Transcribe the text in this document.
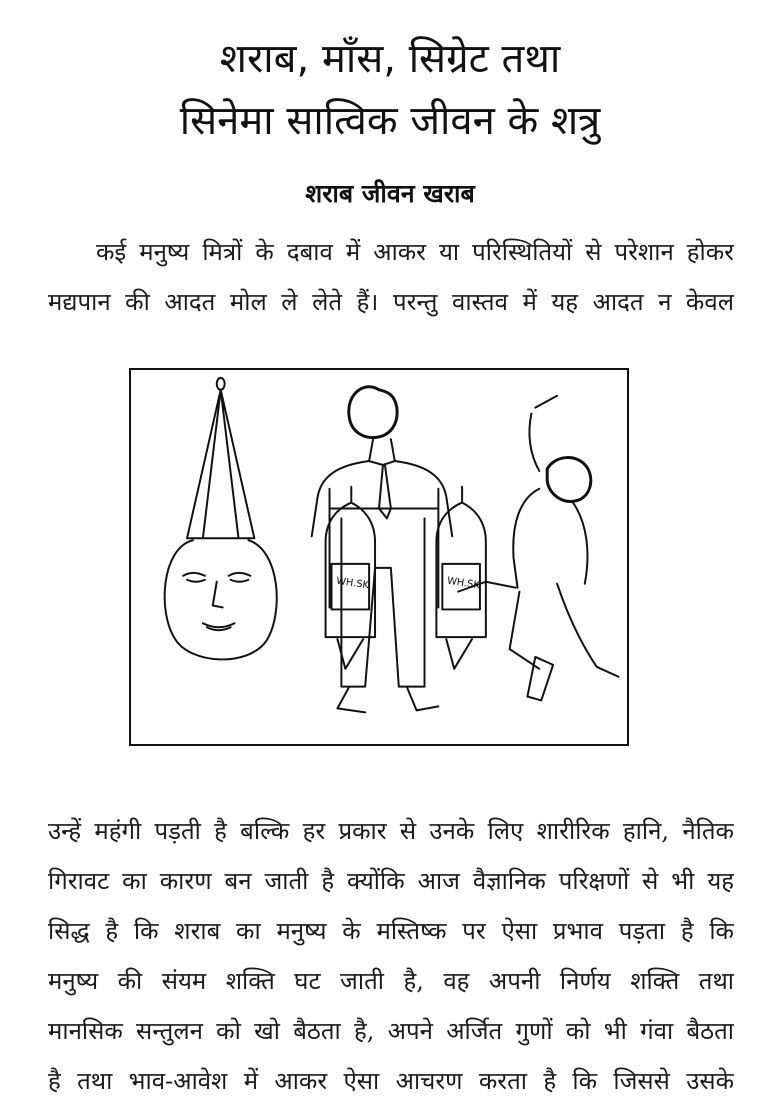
शराब, माँस, सिग्रेट तथा
सिनेमा सात्विक जीवन के शत्रु
शराब जीवन खराब
कई मनुष्य मित्रों के दबाव में आकर या परिस्थितियों से परेशान होकर
मद्यपान की आदत मोल ले लेते हैं। परन्तु वास्तव में यह आदत न केवल
WH.SK	WH.SK
उन्हें महंगी पड़ती है बल्कि हर प्रकार से उनके लिए शारीरिक हानि, नैतिक
गिरावट का कारण बन जाती है क्योंकि आज वैज्ञानिक परिक्षणों से भी यह
सिद्ध है कि शराब का मनुष्य के मस्तिष्क पर ऐसा प्रभाव पड़ता है कि
मनुष्य की संयम शक्ति घट जाती है, वह अपनी निर्णय शक्ति तथा
मानसिक सन्तुलन को खो बैठता है, अपने अर्जित गुणों को भी गंवा बैठता
है तथा भाव-आवेश में आकर ऐसा आचरण करता है कि जिससे उसके
